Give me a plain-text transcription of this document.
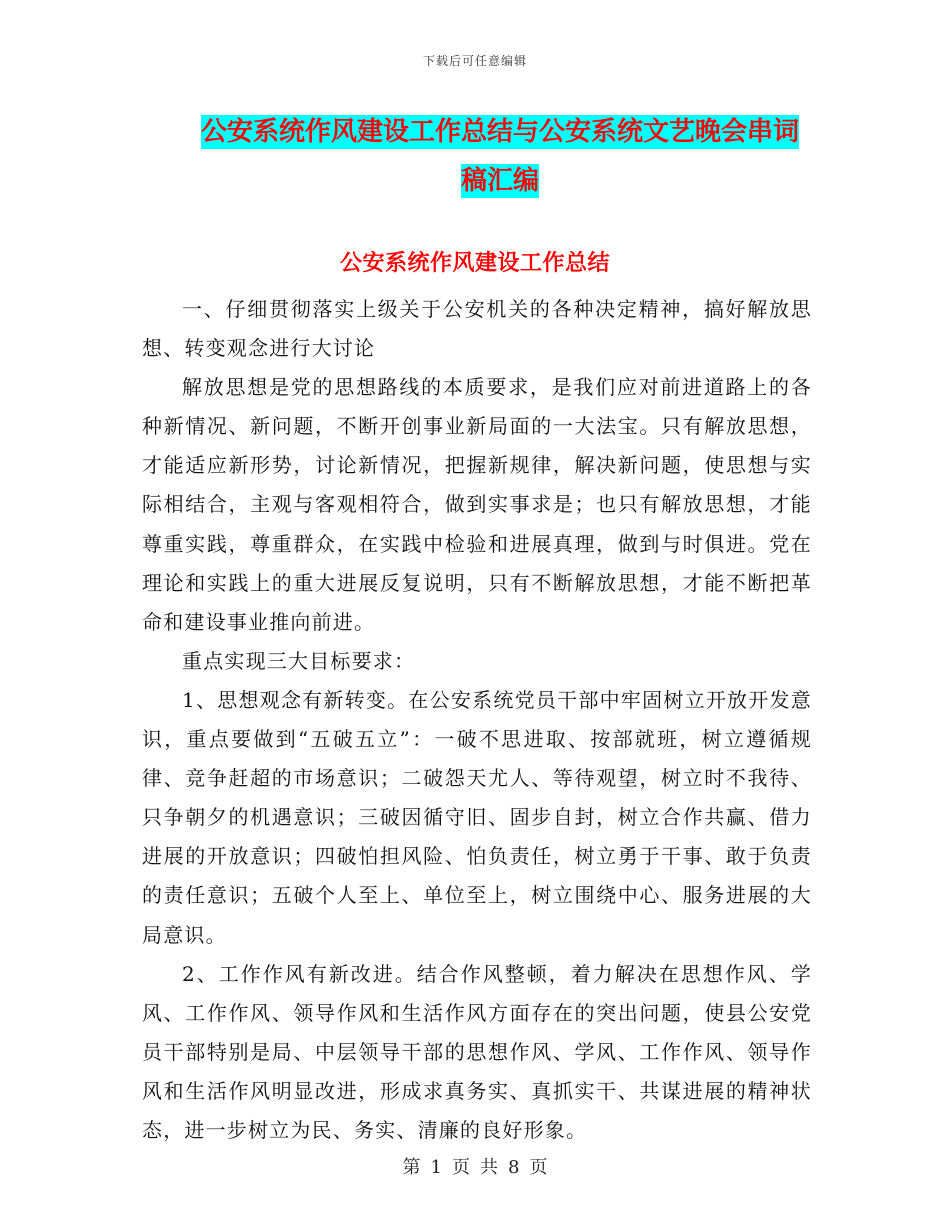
下载后可任意编辑
公安系统作风建设工作总结与公安系统文艺晚会串词
稿汇编
公安系统作风建设工作总结

一、仔细贯彻落实上级关于公安机关的各种决定精神，搞好解放思想、转变观念进行大讨论

解放思想是党的思想路线的本质要求，是我们应对前进道路上的各种新情况、新问题，不断开创事业新局面的一大法宝。只有解放思想，才能适应新形势，讨论新情况，把握新规律，解决新问题，使思想与实际相结合，主观与客观相符合，做到实事求是；也只有解放思想，才能尊重实践，尊重群众，在实践中检验和进展真理，做到与时俱进。党在理论和实践上的重大进展反复说明，只有不断解放思想，才能不断把革命和建设事业推向前进。

重点实现三大目标要求：

1、思想观念有新转变。在公安系统党员干部中牢固树立开放开发意识，重点要做到“五破五立”：一破不思进取、按部就班，树立遵循规律、竞争赶超的市场意识；二破怨天尤人、等待观望，树立时不我待、只争朝夕的机遇意识；三破因循守旧、固步自封，树立合作共赢、借力进展的开放意识；四破怕担风险、怕负责任，树立勇于干事、敢于负责的责任意识；五破个人至上、单位至上，树立围绕中心、服务进展的大局意识。

2、工作作风有新改进。结合作风整顿，着力解决在思想作风、学风、工作作风、领导作风和生活作风方面存在的突出问题，使县公安党员干部特别是局、中层领导干部的思想作风、学风、工作作风、领导作风和生活作风明显改进，形成求真务实、真抓实干、共谋进展的精神状态，进一步树立为民、务实、清廉的良好形象。

第 1 页 共 8 页
